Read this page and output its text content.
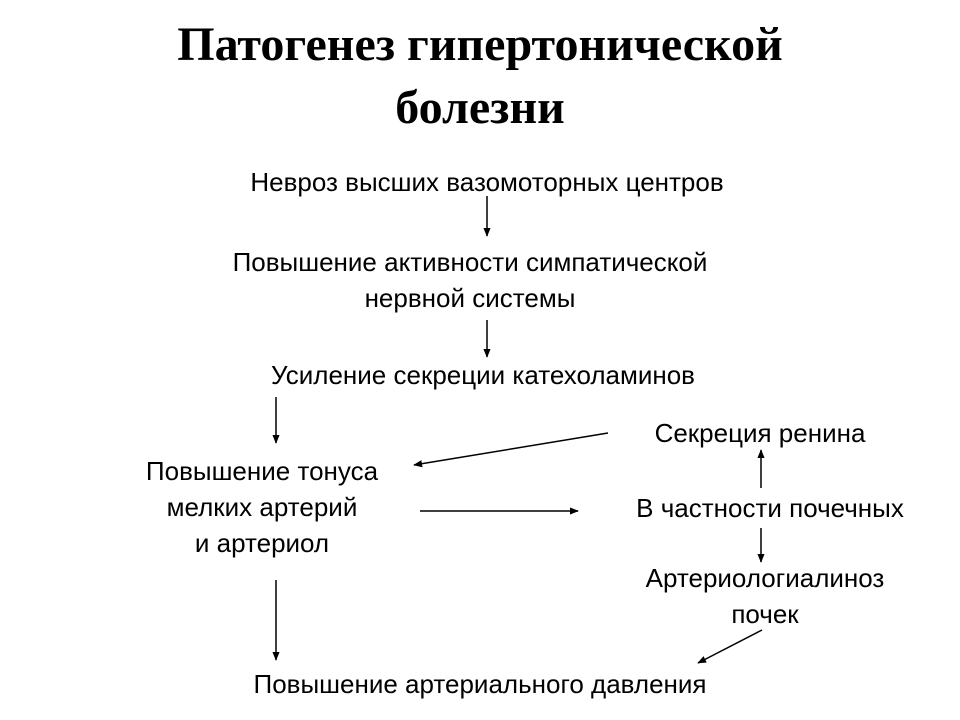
Патогенез гипертонической
болезни
Невроз высших вазомоторных центров
Повышение активности симпатической
нервной системы
Усиление секреции катехоламинов
Секреция ренина
Повышение тонуса
мелких артерий
и артериол
В частности почечных
Артериологиалиноз
почек
Повышение артериального давления
